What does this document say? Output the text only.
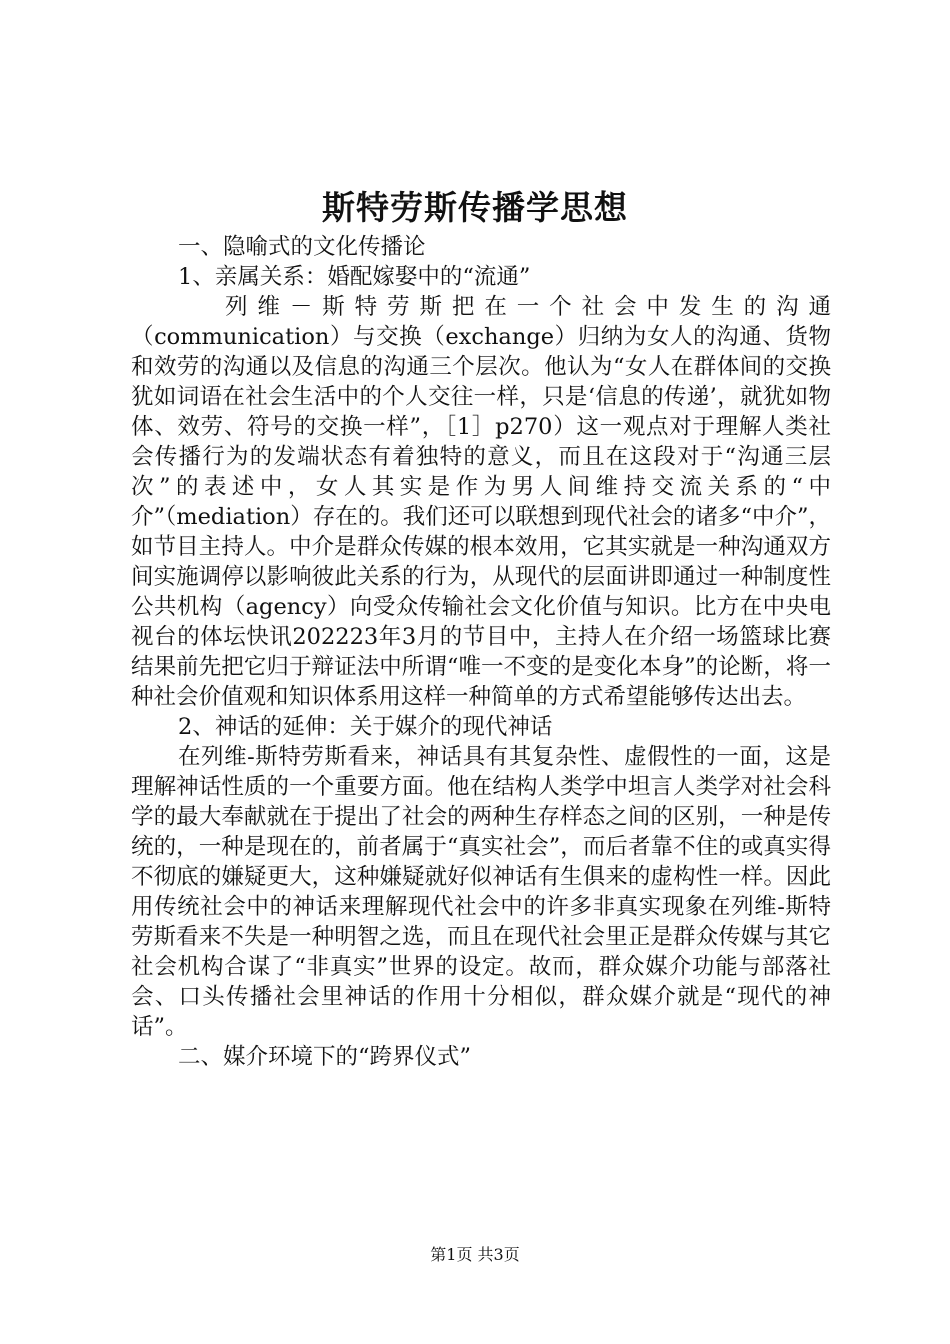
斯特劳斯传播学思想

一、隐喻式的文化传播论

1、亲属关系：婚配嫁娶中的“流通”

列维－斯特劳斯把在一个社会中发生的沟通（communication）与交换（exchange）归纳为女人的沟通、货物和效劳的沟通以及信息的沟通三个层次。他认为“女人在群体间的交换犹如词语在社会生活中的个人交往一样，只是‘信息的传递’，就犹如物体、效劳、符号的交换一样”，［1］p270）这一观点对于理解人类社会传播行为的发端状态有着独特的意义，而且在这段对于“沟通三层次”的表述中，女人其实是作为男人间维持交流关系的“中介”（mediation）存在的。我们还可以联想到现代社会的诸多“中介”，如节目主持人。中介是群众传媒的根本效用，它其实就是一种沟通双方间实施调停以影响彼此关系的行为，从现代的层面讲即通过一种制度性公共机构（agency）向受众传输社会文化价值与知识。比方在中央电视台的体坛快讯202223年3月的节目中，主持人在介绍一场篮球比赛结果前先把它归于辩证法中所谓“唯一不变的是变化本身”的论断，将一种社会价值观和知识体系用这样一种简单的方式希望能够传达出去。

2、神话的延伸：关于媒介的现代神话

在列维-斯特劳斯看来，神话具有其复杂性、虚假性的一面，这是理解神话性质的一个重要方面。他在结构人类学中坦言人类学对社会科学的最大奉献就在于提出了社会的两种生存样态之间的区别，一种是传统的，一种是现在的，前者属于“真实社会”，而后者靠不住的或真实得不彻底的嫌疑更大，这种嫌疑就好似神话有生俱来的虚构性一样。因此用传统社会中的神话来理解现代社会中的许多非真实现象在列维-斯特劳斯看来不失是一种明智之选，而且在现代社会里正是群众传媒与其它社会机构合谋了“非真实”世界的设定。故而，群众媒介功能与部落社会、口头传播社会里神话的作用十分相似，群众媒介就是“现代的神话”。

二、媒介环境下的“跨界仪式”

第1页 共3页
